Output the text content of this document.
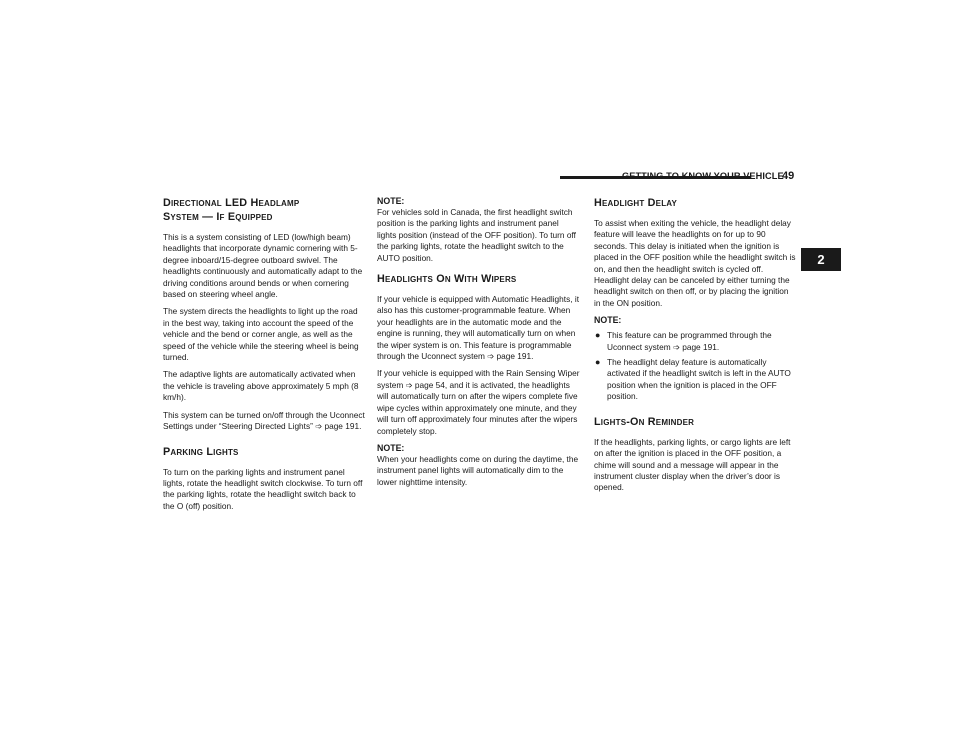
GETTING TO KNOW YOUR VEHICLE
49
2
Directional LED Headlamp
System — If Equipped

This is a system consisting of LED (low/high beam) headlights that incorporate dynamic cornering with 5-degree inboard/15-degree outboard swivel. The headlights continuously and automatically adapt to the driving conditions around bends or when cornering based on steering wheel angle.

The system directs the headlights to light up the road in the best way, taking into account the speed of the vehicle and the bend or corner angle, as well as the speed of the vehicle while the steering wheel is being turned.

The adaptive lights are automatically activated when the vehicle is traveling above approximately 5 mph (8 km/h).

This system can be turned on/off through the Uconnect Settings under “Steering Directed Lights” ➩ page 191.

Parking Lights

To turn on the parking lights and instrument panel lights, rotate the headlight switch clockwise. To turn off the parking lights, rotate the headlight switch back to the O (off) position.

NOTE:

For vehicles sold in Canada, the first headlight switch position is the parking lights and instrument panel lights position (instead of the OFF position). To turn off the parking lights, rotate the headlight switch to the AUTO position.

Headlights On With Wipers

If your vehicle is equipped with Automatic Headlights, it also has this customer-programmable feature. When your headlights are in the automatic mode and the engine is running, they will automatically turn on when the wiper system is on. This feature is programmable through the Uconnect system ➩ page 191.

If your vehicle is equipped with the Rain Sensing Wiper system ➩ page 54, and it is activated, the headlights will automatically turn on after the wipers complete five wipe cycles within approximately one minute, and they will turn off approximately four minutes after the wipers completely stop.

NOTE:

When your headlights come on during the daytime, the instrument panel lights will automatically dim to the lower nighttime intensity.

Headlight Delay

To assist when exiting the vehicle, the headlight delay feature will leave the headlights on for up to 90 seconds. This delay is initiated when the ignition is placed in the OFF position while the headlight switch is on, and then the headlight switch is cycled off. Headlight delay can be canceled by either turning the headlight switch on then off, or by placing the ignition in the ON position.

NOTE:
● This feature can be programmed through the Uconnect system ➩ page 191.
● The headlight delay feature is automatically activated if the headlight switch is left in the AUTO position when the ignition is placed in the OFF position.
Lights-On Reminder

If the headlights, parking lights, or cargo lights are left on after the ignition is placed in the OFF position, a chime will sound and a message will appear in the instrument cluster display when the driver’s door is opened.
